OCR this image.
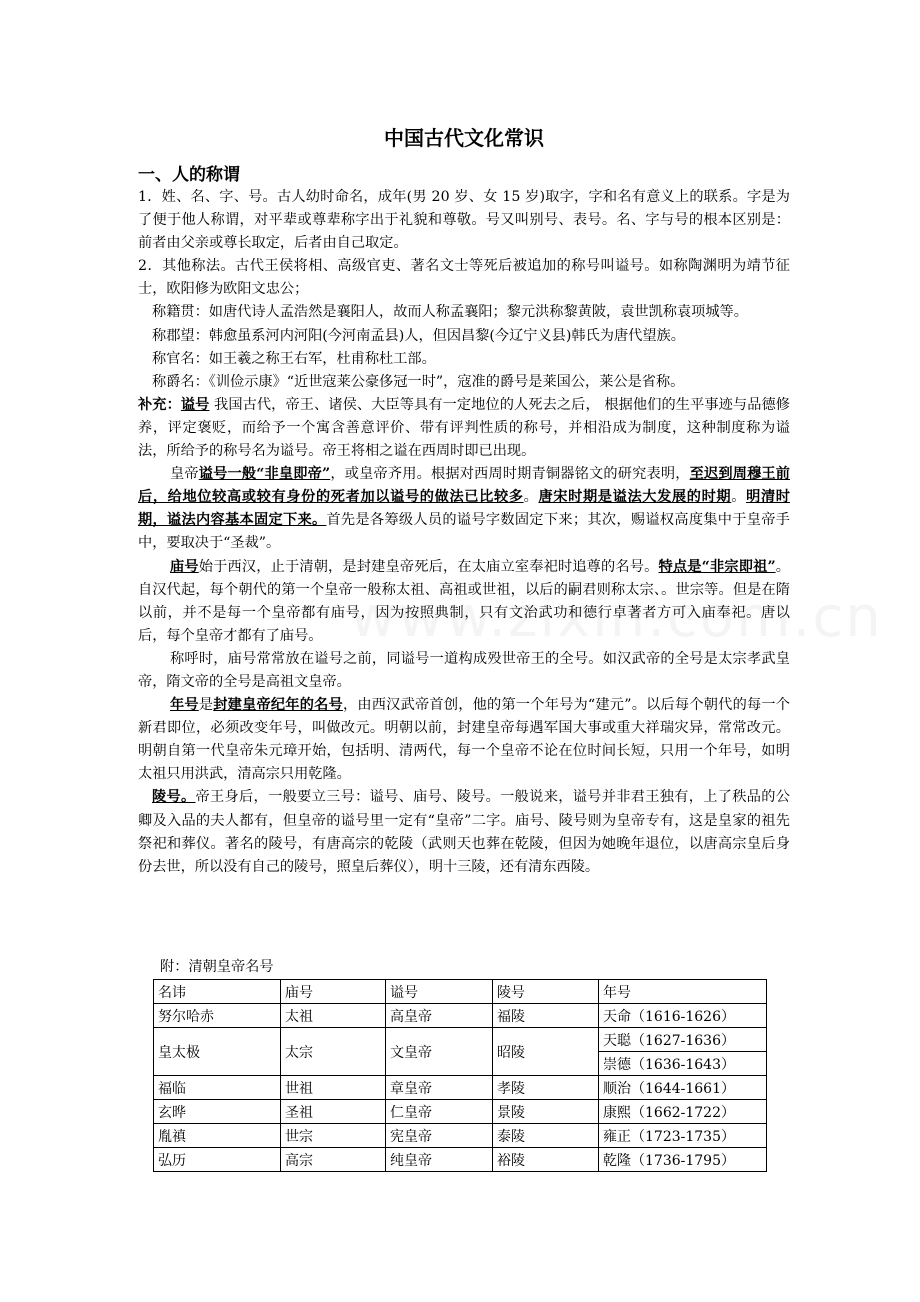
中国古代文化常识
一、人的称谓

1．姓、名、字、号。古人幼时命名，成年(男 20 岁、女 15 岁)取字，字和名有意义上的联系。字是为了便于他人称谓，对平辈或尊辈称字出于礼貌和尊敬。号又叫别号、表号。名、字与号的根本区别是：前者由父亲或尊长取定，后者由自己取定。

2．其他称法。古代王侯将相、高级官吏、著名文士等死后被追加的称号叫谥号。如称陶渊明为靖节征士，欧阳修为欧阳文忠公；

称籍贯：如唐代诗人孟浩然是襄阳人，故而人称孟襄阳；黎元洪称黎黄陂，袁世凯称袁项城等。

称郡望：韩愈虽系河内河阳(今河南孟县)人，但因昌黎(今辽宁义县)韩氏为唐代望族。

称官名：如王羲之称王右军，杜甫称杜工部。

称爵名：《训俭示康》“近世寇莱公豪侈冠一时”，寇准的爵号是莱国公，莱公是省称。

补充：谥号 我国古代，帝王、诸侯、大臣等具有一定地位的人死去之后， 根据他们的生平事迹与品德修养，评定褒贬，而给予一个寓含善意评价、带有评判性质的称号，并相沿成为制度，这种制度称为谥法，所给予的称号名为谥号。帝王将相之谥在西周时即已出现。

皇帝谥号一般“非皇即帝”，或皇帝齐用。根据对西周时期青铜器铭文的研究表明，至迟到周穆王前后，给地位较高或较有身份的死者加以谥号的做法已比较多。唐宋时期是谥法大发展的时期。明清时期，谥法内容基本固定下来。首先是各筹级人员的谥号字数固定下来；其次，赐谥权高度集中于皇帝手中，要取决于“圣裁”。

庙号始于西汉，止于清朝，是封建皇帝死后，在太庙立室奉祀时追尊的名号。特点是“非宗即祖”。自汉代起，每个朝代的第一个皇帝一般称太祖、高祖或世祖，以后的嗣君则称太宗、。世宗等。但是在隋以前，并不是每一个皇帝都有庙号，因为按照典制，只有文治武功和德行卓著者方可入庙奉祀。唐以后，每个皇帝才都有了庙号。

称呼时，庙号常常放在谥号之前，同谥号一道构成殁世帝王的全号。如汉武帝的全号是太宗孝武皇帝，隋文帝的全号是高祖文皇帝。

年号是封建皇帝纪年的名号，由西汉武帝首创，他的第一个年号为“建元”。以后每个朝代的每一个新君即位，必须改变年号，叫做改元。明朝以前，封建皇帝每遇军国大事或重大祥瑞灾异，常常改元。明朝自第一代皇帝朱元璋开始，包括明、清两代，每一个皇帝不论在位时间长短，只用一个年号，如明太祖只用洪武，清高宗只用乾隆。

陵号。帝王身后，一般要立三号：谥号、庙号、陵号。一般说来，谥号并非君王独有，上了秩品的公卿及入品的夫人都有，但皇帝的谥号里一定有“皇帝”二字。庙号、陵号则为皇帝专有，这是皇家的祖先祭祀和葬仪。著名的陵号，有唐高宗的乾陵（武则天也葬在乾陵，但因为她晚年退位，以唐高宗皇后身份去世，所以没有自己的陵号，照皇后葬仪），明十三陵，还有清东西陵。

附：清朝皇帝名号
名讳	庙号	谥号	陵号	年号
努尔哈赤	太祖	高皇帝	福陵	天命（1616-1626）
皇太极	太宗	文皇帝	昭陵	天聪（1627-1636）
				崇德（1636-1643）
福临	世祖	章皇帝	孝陵	顺治（1644-1661）
玄晔	圣祖	仁皇帝	景陵	康熙（1662-1722）
胤禛	世宗	宪皇帝	泰陵	雍正（1723-1735）
弘历	高宗	纯皇帝	裕陵	乾隆（1736-1795）
